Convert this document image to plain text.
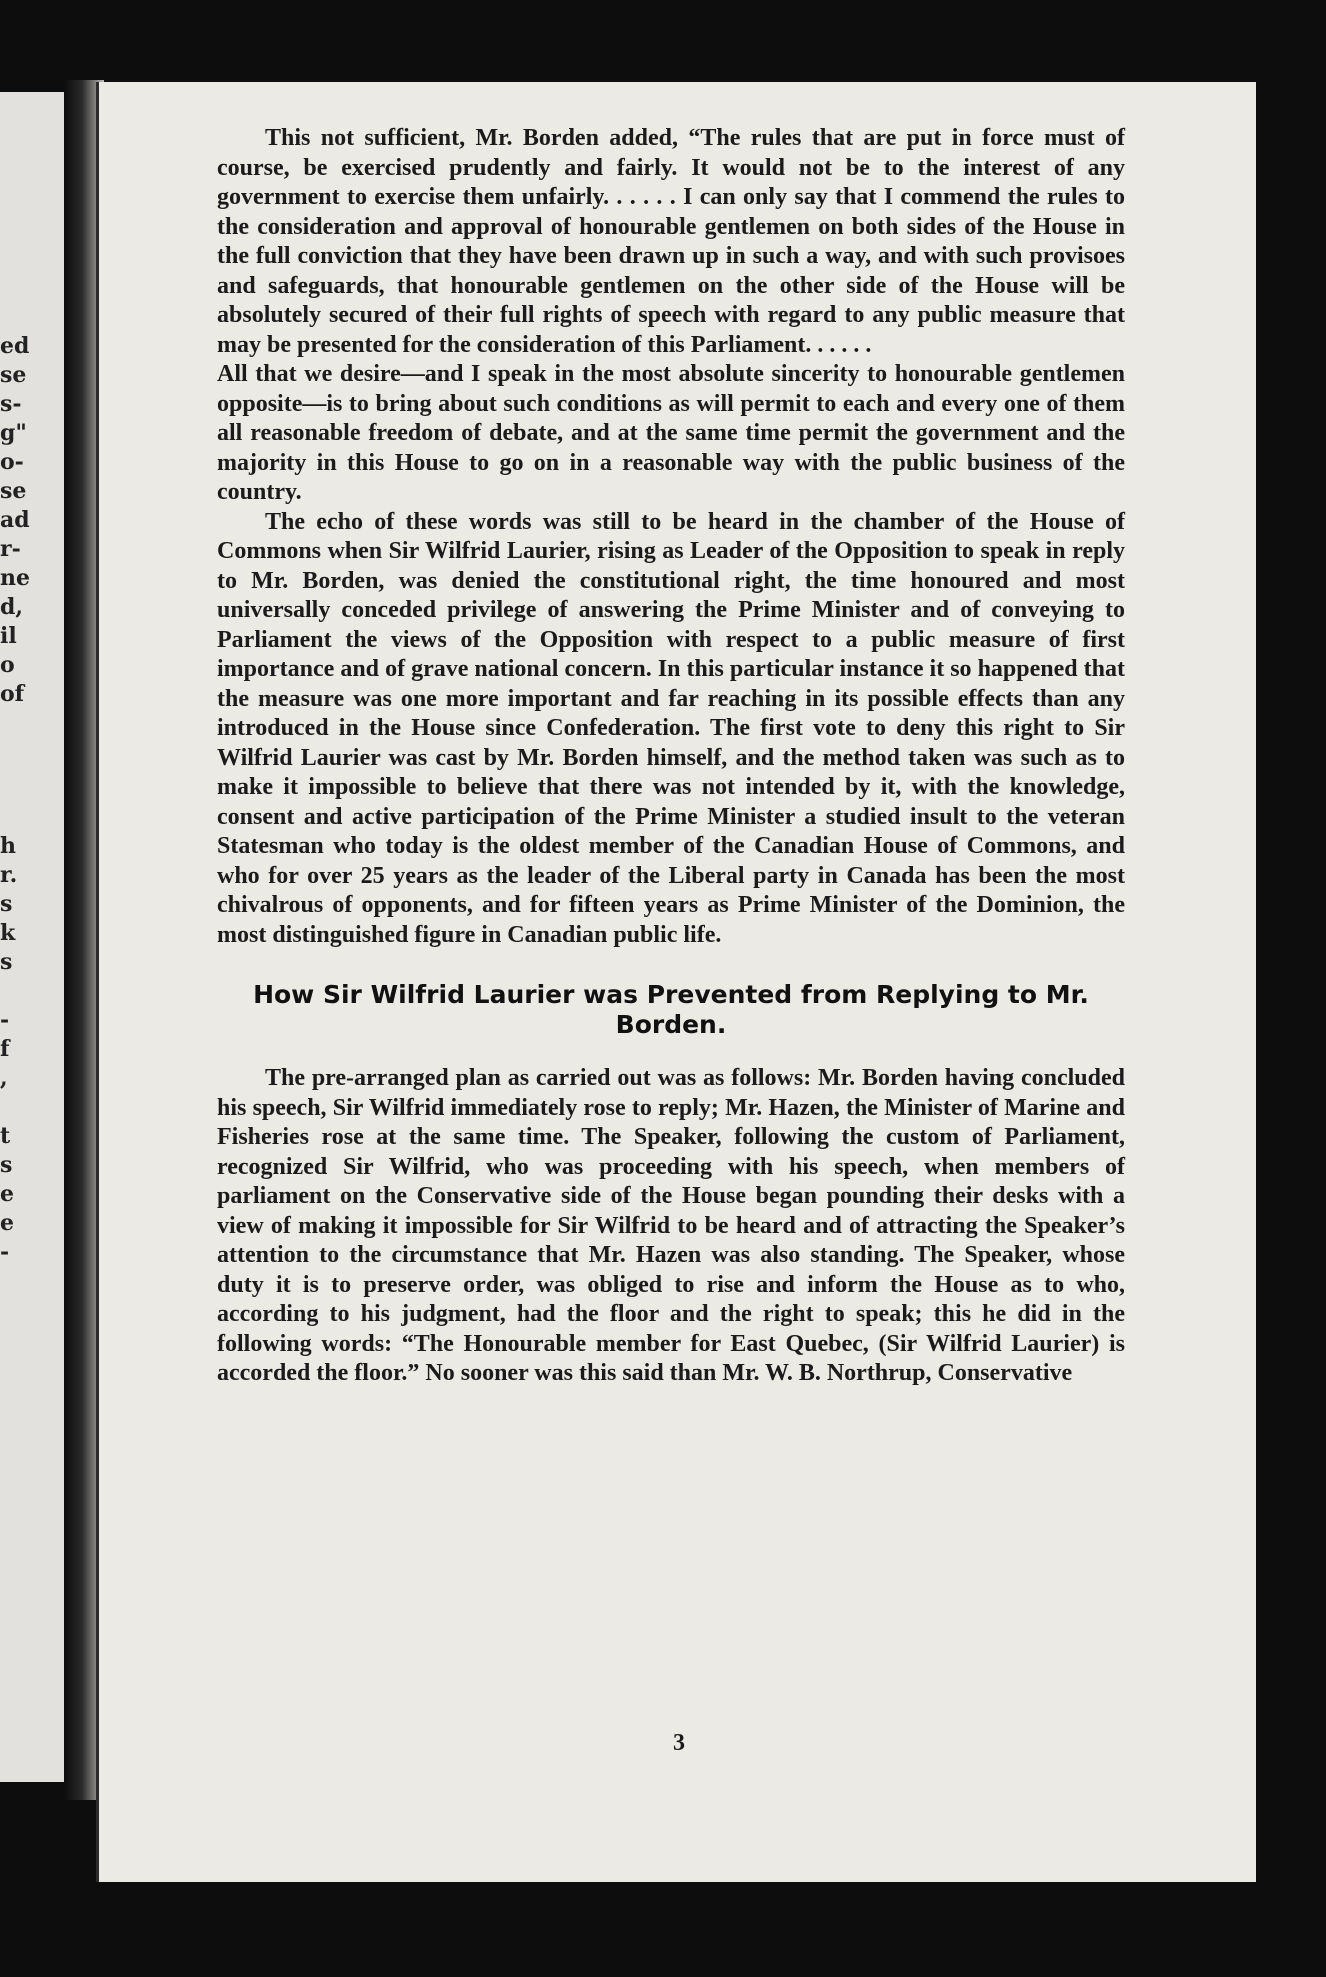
ed
se
s-
g"
o-
se
ad
r-
ne
d,
il
o
of
h
r.
s
k
s

-
f
,

t
s
e
e
-

This not sufficient, Mr. Borden added, “The rules that are put in force must of course, be exercised prudently and fairly. It would not be to the interest of any government to exercise them unfairly. . . . . . I can only say that I commend the rules to the consideration and approval of honourable gentlemen on both sides of the House in the full conviction that they have been drawn up in such a way, and with such provisoes and safeguards, that honourable gentlemen on the other side of the House will be absolutely secured of their full rights of speech with regard to any public measure that may be presented for the consideration of this Parliament. . . . . .

All that we desire—and I speak in the most absolute sincerity to honourable gentlemen opposite—is to bring about such conditions as will permit to each and every one of them all reasonable freedom of debate, and at the same time permit the government and the majority in this House to go on in a reasonable way with the public business of the country.

The echo of these words was still to be heard in the chamber of the House of Commons when Sir Wilfrid Laurier, rising as Leader of the Opposition to speak in reply to Mr. Borden, was denied the constitutional right, the time honoured and most universally conceded privilege of answering the Prime Minister and of conveying to Parliament the views of the Opposition with respect to a public measure of first importance and of grave national concern. In this particular instance it so happened that the measure was one more important and far reaching in its possible effects than any introduced in the House since Confederation. The first vote to deny this right to Sir Wilfrid Laurier was cast by Mr. Borden himself, and the method taken was such as to make it impossible to believe that there was not intended by it, with the knowledge, consent and active participation of the Prime Minister a studied insult to the veteran Statesman who today is the oldest member of the Canadian House of Commons, and who for over 25 years as the leader of the Liberal party in Canada has been the most chivalrous of opponents, and for fifteen years as Prime Minister of the Dominion, the most distinguished figure in Canadian public life.

How Sir Wilfrid Laurier was Prevented from Replying to Mr. Borden.

The pre-arranged plan as carried out was as follows: Mr. Borden having concluded his speech, Sir Wilfrid immediately rose to reply; Mr. Hazen, the Minister of Marine and Fisheries rose at the same time. The Speaker, following the custom of Parliament, recognized Sir Wilfrid, who was proceeding with his speech, when members of parliament on the Conservative side of the House began pounding their desks with a view of making it impossible for Sir Wilfrid to be heard and of attracting the Speaker’s attention to the circumstance that Mr. Hazen was also standing. The Speaker, whose duty it is to preserve order, was obliged to rise and inform the House as to who, according to his judgment, had the floor and the right to speak; this he did in the following words: “The Honourable member for East Quebec, (Sir Wilfrid Laurier) is accorded the floor.” No sooner was this said than Mr. W. B. Northrup, Conservative

3
